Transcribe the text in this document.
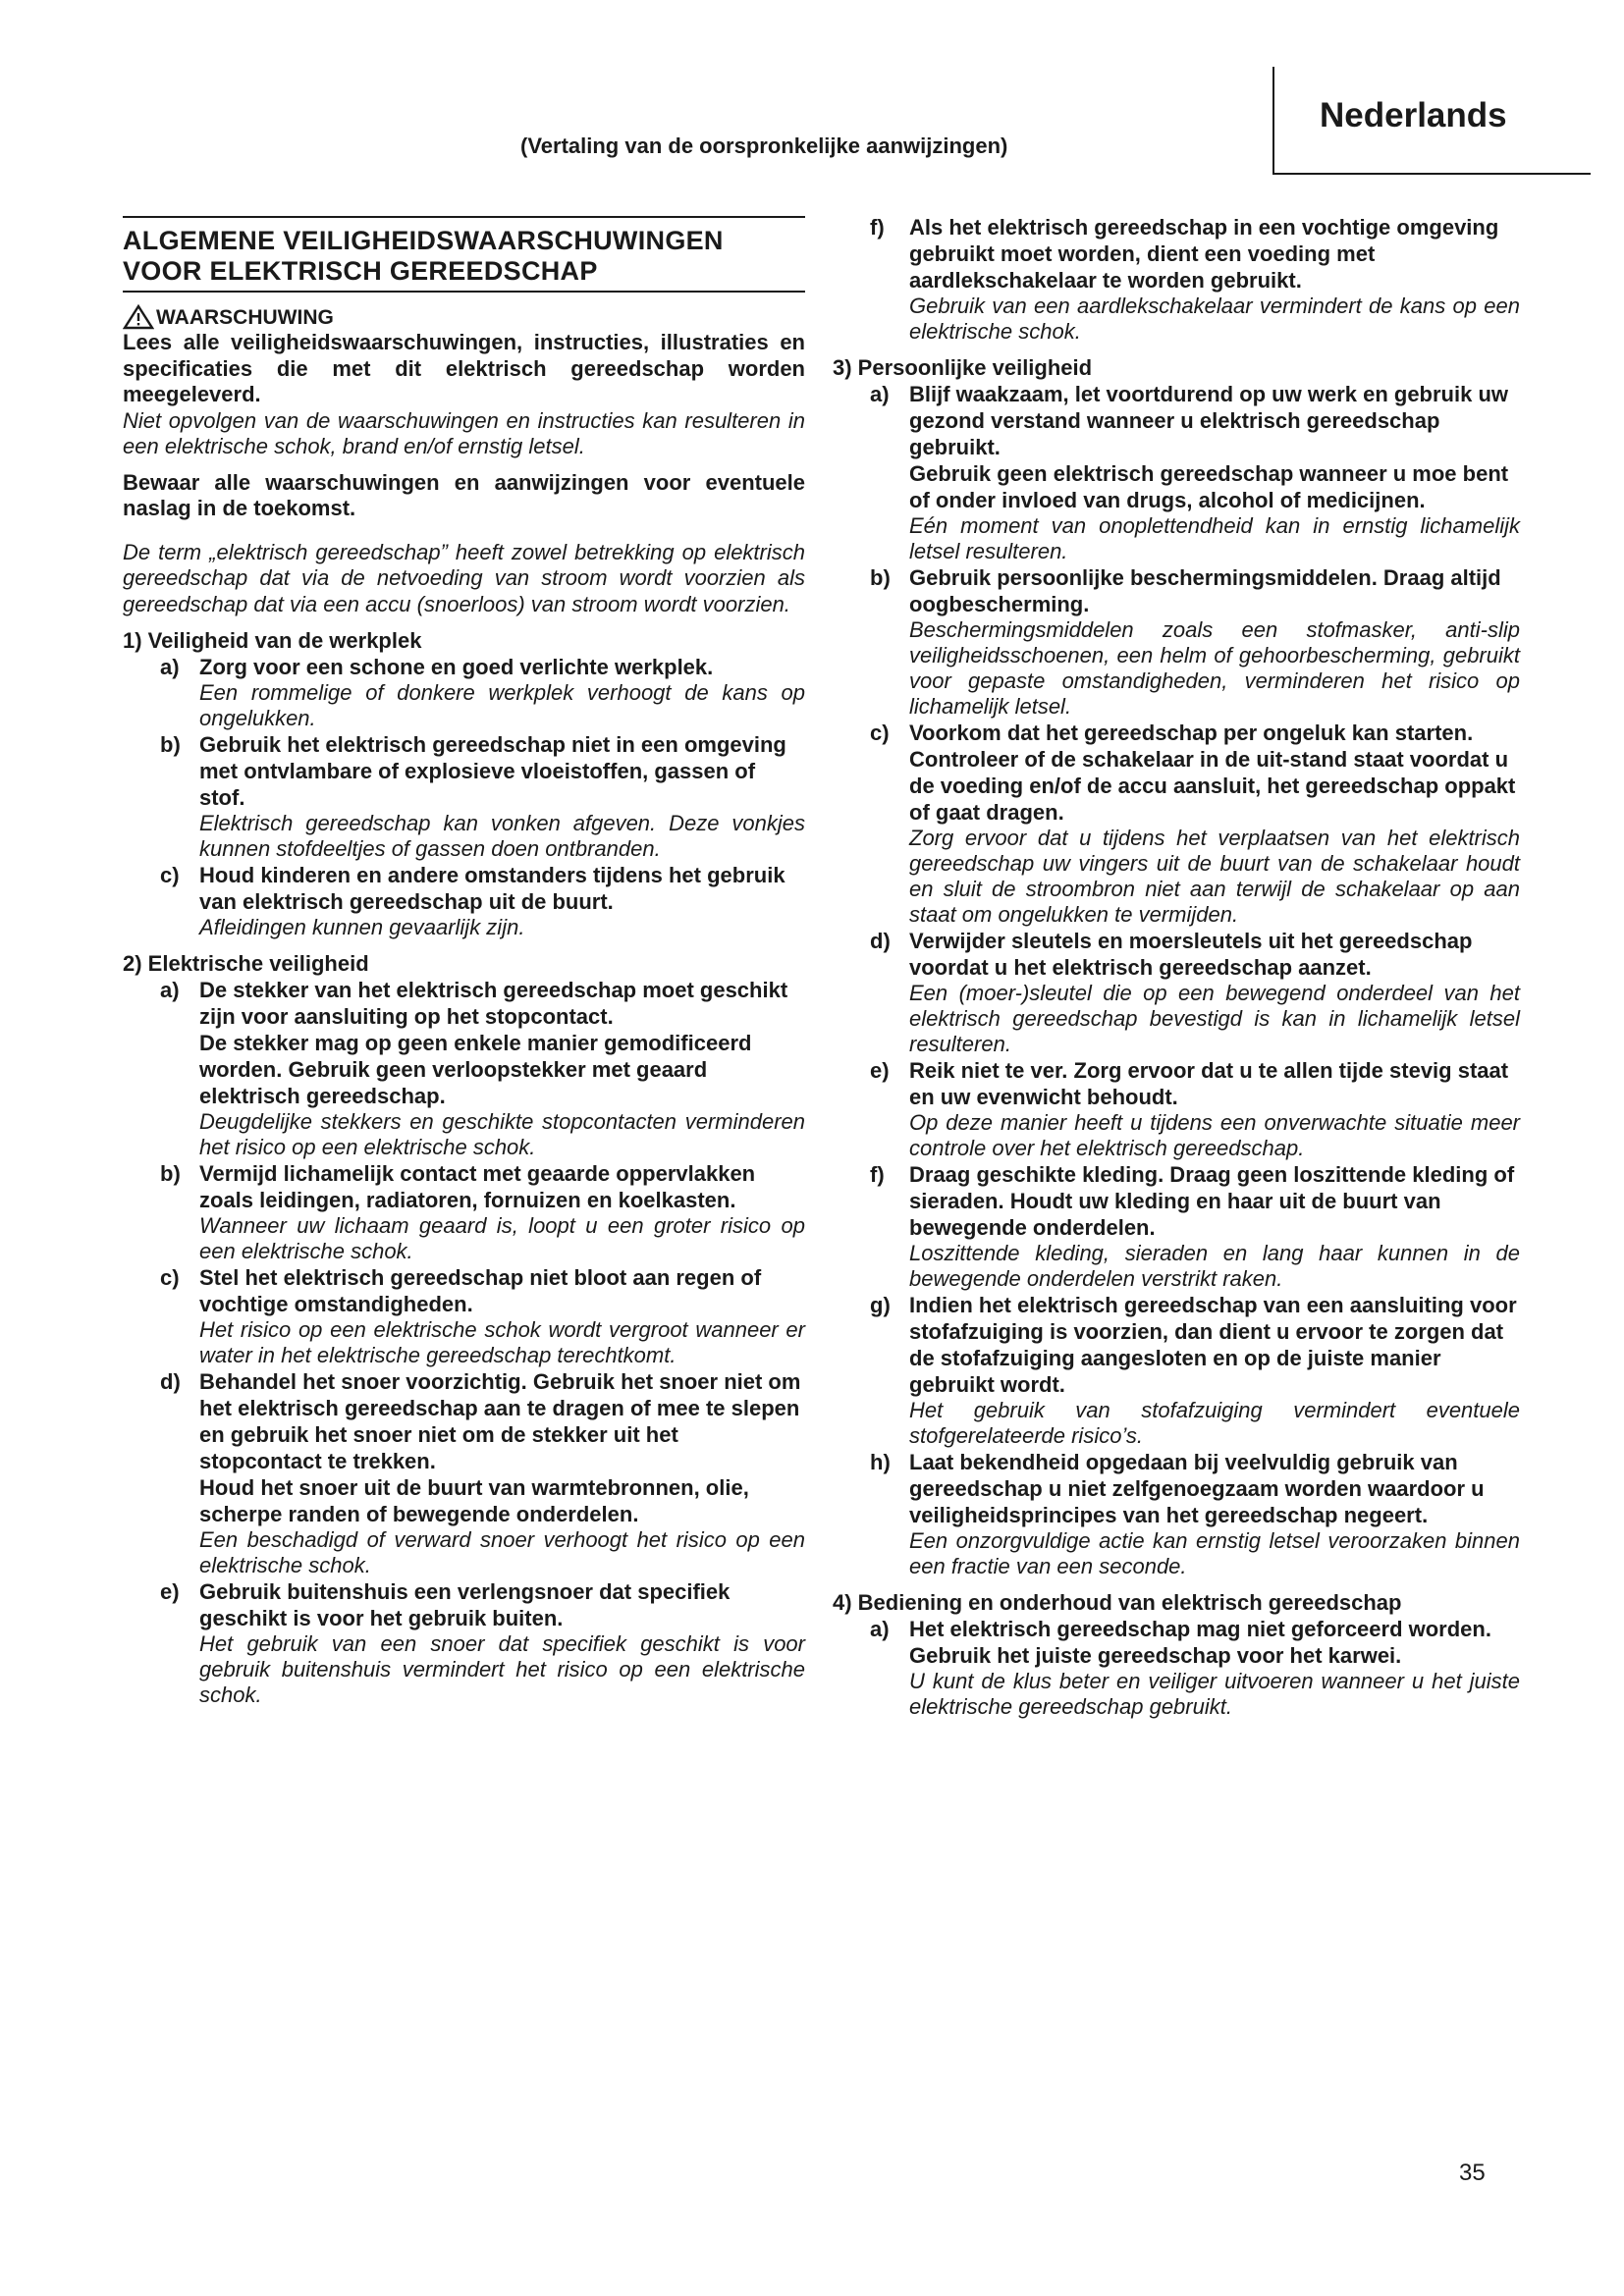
Nederlands
(Vertaling van de oorspronkelijke aanwijzingen)
ALGEMENE VEILIGHEIDSWAARSCHUWINGEN
VOOR ELEKTRISCH GEREEDSCHAP
WAARSCHUWING

Lees alle veiligheidswaarschuwingen, instructies, illustraties en specificaties die met dit elektrisch gereedschap worden meegeleverd.

Niet opvolgen van de waarschuwingen en instructies kan resulteren in een elektrische schok, brand en/of ernstig letsel.

Bewaar alle waarschuwingen en aanwijzingen voor eventuele naslag in de toekomst.

De term „elektrisch gereedschap” heeft zowel betrekking op elektrisch gereedschap dat via de netvoeding van stroom wordt voorzien als gereedschap dat via een accu (snoerloos) van stroom wordt voorzien.

1) Veiligheid van de werkplek
a) Zorg voor een schone en goed verlichte werkplek.
Een rommelige of donkere werkplek verhoogt de kans op ongelukken.
b) Gebruik het elektrisch gereedschap niet in een omgeving met ontvlambare of explosieve vloeistoffen, gassen of stof.
Elektrisch gereedschap kan vonken afgeven. Deze vonkjes kunnen stofdeeltjes of gassen doen ontbranden.
c) Houd kinderen en andere omstanders tijdens het gebruik van elektrisch gereedschap uit de buurt.
Afleidingen kunnen gevaarlijk zijn.
2) Elektrische veiligheid
a) De stekker van het elektrisch gereedschap moet geschikt zijn voor aansluiting op het stopcontact.
De stekker mag op geen enkele manier gemodificeerd worden. Gebruik geen verloopstekker met geaard elektrisch gereedschap.
Deugdelijke stekkers en geschikte stopcontacten verminderen het risico op een elektrische schok.
b) Vermijd lichamelijk contact met geaarde oppervlakken zoals leidingen, radiatoren, fornuizen en koelkasten.
Wanneer uw lichaam geaard is, loopt u een groter risico op een elektrische schok.
c) Stel het elektrisch gereedschap niet bloot aan regen of vochtige omstandigheden.
Het risico op een elektrische schok wordt vergroot wanneer er water in het elektrische gereedschap terechtkomt.
d) Behandel het snoer voorzichtig. Gebruik het snoer niet om het elektrisch gereedschap aan te dragen of mee te slepen en gebruik het snoer niet om de stekker uit het stopcontact te trekken.
Houd het snoer uit de buurt van warmtebronnen, olie, scherpe randen of bewegende onderdelen.
Een beschadigd of verward snoer verhoogt het risico op een elektrische schok.
e) Gebruik buitenshuis een verlengsnoer dat specifiek geschikt is voor het gebruik buiten.
Het gebruik van een snoer dat specifiek geschikt is voor gebruik buitenshuis vermindert het risico op een elektrische schok.
f)	Als het elektrisch gereedschap in een vochtige omgeving gebruikt moet worden, dient een voeding met aardlekschakelaar te worden gebruikt.
Gebruik van een aardlekschakelaar vermindert de kans op een elektrische schok.
3) Persoonlijke veiligheid
a) Blijf waakzaam, let voortdurend op uw werk en gebruik uw gezond verstand wanneer u elektrisch gereedschap gebruikt.
Gebruik geen elektrisch gereedschap wanneer u moe bent of onder invloed van drugs, alcohol of medicijnen.
Eén moment van onoplettendheid kan in ernstig lichamelijk letsel resulteren.
b) Gebruik persoonlijke beschermingsmiddelen. Draag altijd oogbescherming.
Beschermingsmiddelen zoals een stofmasker, anti-slip veiligheidsschoenen, een helm of gehoorbescherming, gebruikt voor gepaste omstandigheden, verminderen het risico op lichamelijk letsel.
c) Voorkom dat het gereedschap per ongeluk kan starten. Controleer of de schakelaar in de uit-stand staat voordat u de voeding en/of de accu aansluit, het gereedschap oppakt of gaat dragen.
Zorg ervoor dat u tijdens het verplaatsen van het elektrisch gereedschap uw vingers uit de buurt van de schakelaar houdt en sluit de stroombron niet aan terwijl de schakelaar op aan staat om ongelukken te vermijden.
d) Verwijder sleutels en moersleutels uit het gereedschap voordat u het elektrisch gereedschap aanzet.
Een (moer-)sleutel die op een bewegend onderdeel van het elektrisch gereedschap bevestigd is kan in lichamelijk letsel resulteren.
e) Reik niet te ver. Zorg ervoor dat u te allen tijde stevig staat en uw evenwicht behoudt.
Op deze manier heeft u tijdens een onverwachte situatie meer controle over het elektrisch gereedschap.
f)	Draag geschikte kleding. Draag geen loszittende kleding of sieraden. Houdt uw kleding en haar uit de buurt van bewegende onderdelen.
Loszittende kleding, sieraden en lang haar kunnen in de bewegende onderdelen verstrikt raken.
g) Indien het elektrisch gereedschap van een aansluiting voor stofafzuiging is voorzien, dan dient u ervoor te zorgen dat de stofafzuiging aangesloten en op de juiste manier gebruikt wordt.
Het gebruik van stofafzuiging vermindert eventuele stofgerelateerde risico’s.
h) Laat bekendheid opgedaan bij veelvuldig gebruik van gereedschap u niet zelfgenoegzaam worden waardoor u veiligheidsprincipes van het gereedschap negeert.
Een onzorgvuldige actie kan ernstig letsel veroorzaken binnen een fractie van een seconde.
4) Bediening en onderhoud van elektrisch gereedschap
a) Het elektrisch gereedschap mag niet geforceerd worden. Gebruik het juiste gereedschap voor het karwei.
U kunt de klus beter en veiliger uitvoeren wanneer u het juiste elektrische gereedschap gebruikt.
35
